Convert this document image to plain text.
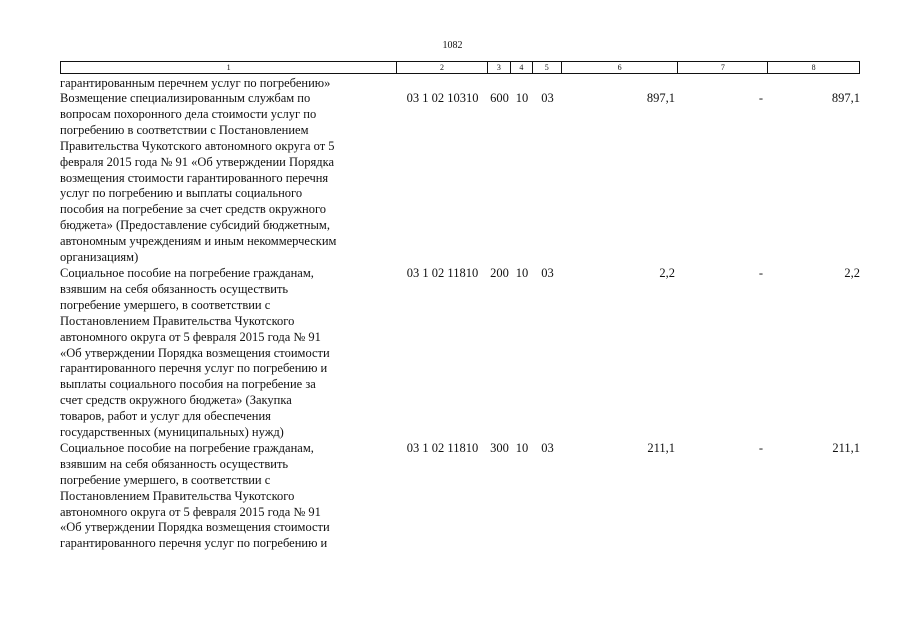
1082
1	2	3	4	5	6	7	8
гарантированным перечнем услуг по погребению»
Возмещение специализированным службам по
вопросам похоронного дела стоимости услуг по
погребению в соответствии с Постановлением
Правительства Чукотского автономного округа от 5
февраля 2015 года № 91 «Об утверждении Порядка
возмещения стоимости гарантированного перечня
услуг по погребению и выплаты социального
пособия на погребение за счет средств окружного
бюджета» (Предоставление субсидий бюджетным,
автономным учреждениям и иным некоммерческим
организациям)
03 1 02 10310 600 10	03	897,1	-	897,1
Социальное пособие на погребение гражданам,
взявшим на себя обязанность осуществить
погребение умершего, в соответствии с
Постановлением Правительства Чукотского
автономного округа от 5 февраля 2015 года № 91
«Об утверждении Порядка возмещения стоимости
гарантированного перечня услуг по погребению и
выплаты социального пособия на погребение за
счет средств окружного бюджета» (Закупка
товаров, работ и услуг для обеспечения
государственных (муниципальных) нужд)
03 1 02 11810 200 10	03	2,2	-	2,2
Социальное пособие на погребение гражданам,
взявшим на себя обязанность осуществить
погребение умершего, в соответствии с
Постановлением Правительства Чукотского
автономного округа от 5 февраля 2015 года № 91
«Об утверждении Порядка возмещения стоимости
гарантированного перечня услуг по погребению и
03 1 02 11810 300 10	03	211,1	-	211,1
